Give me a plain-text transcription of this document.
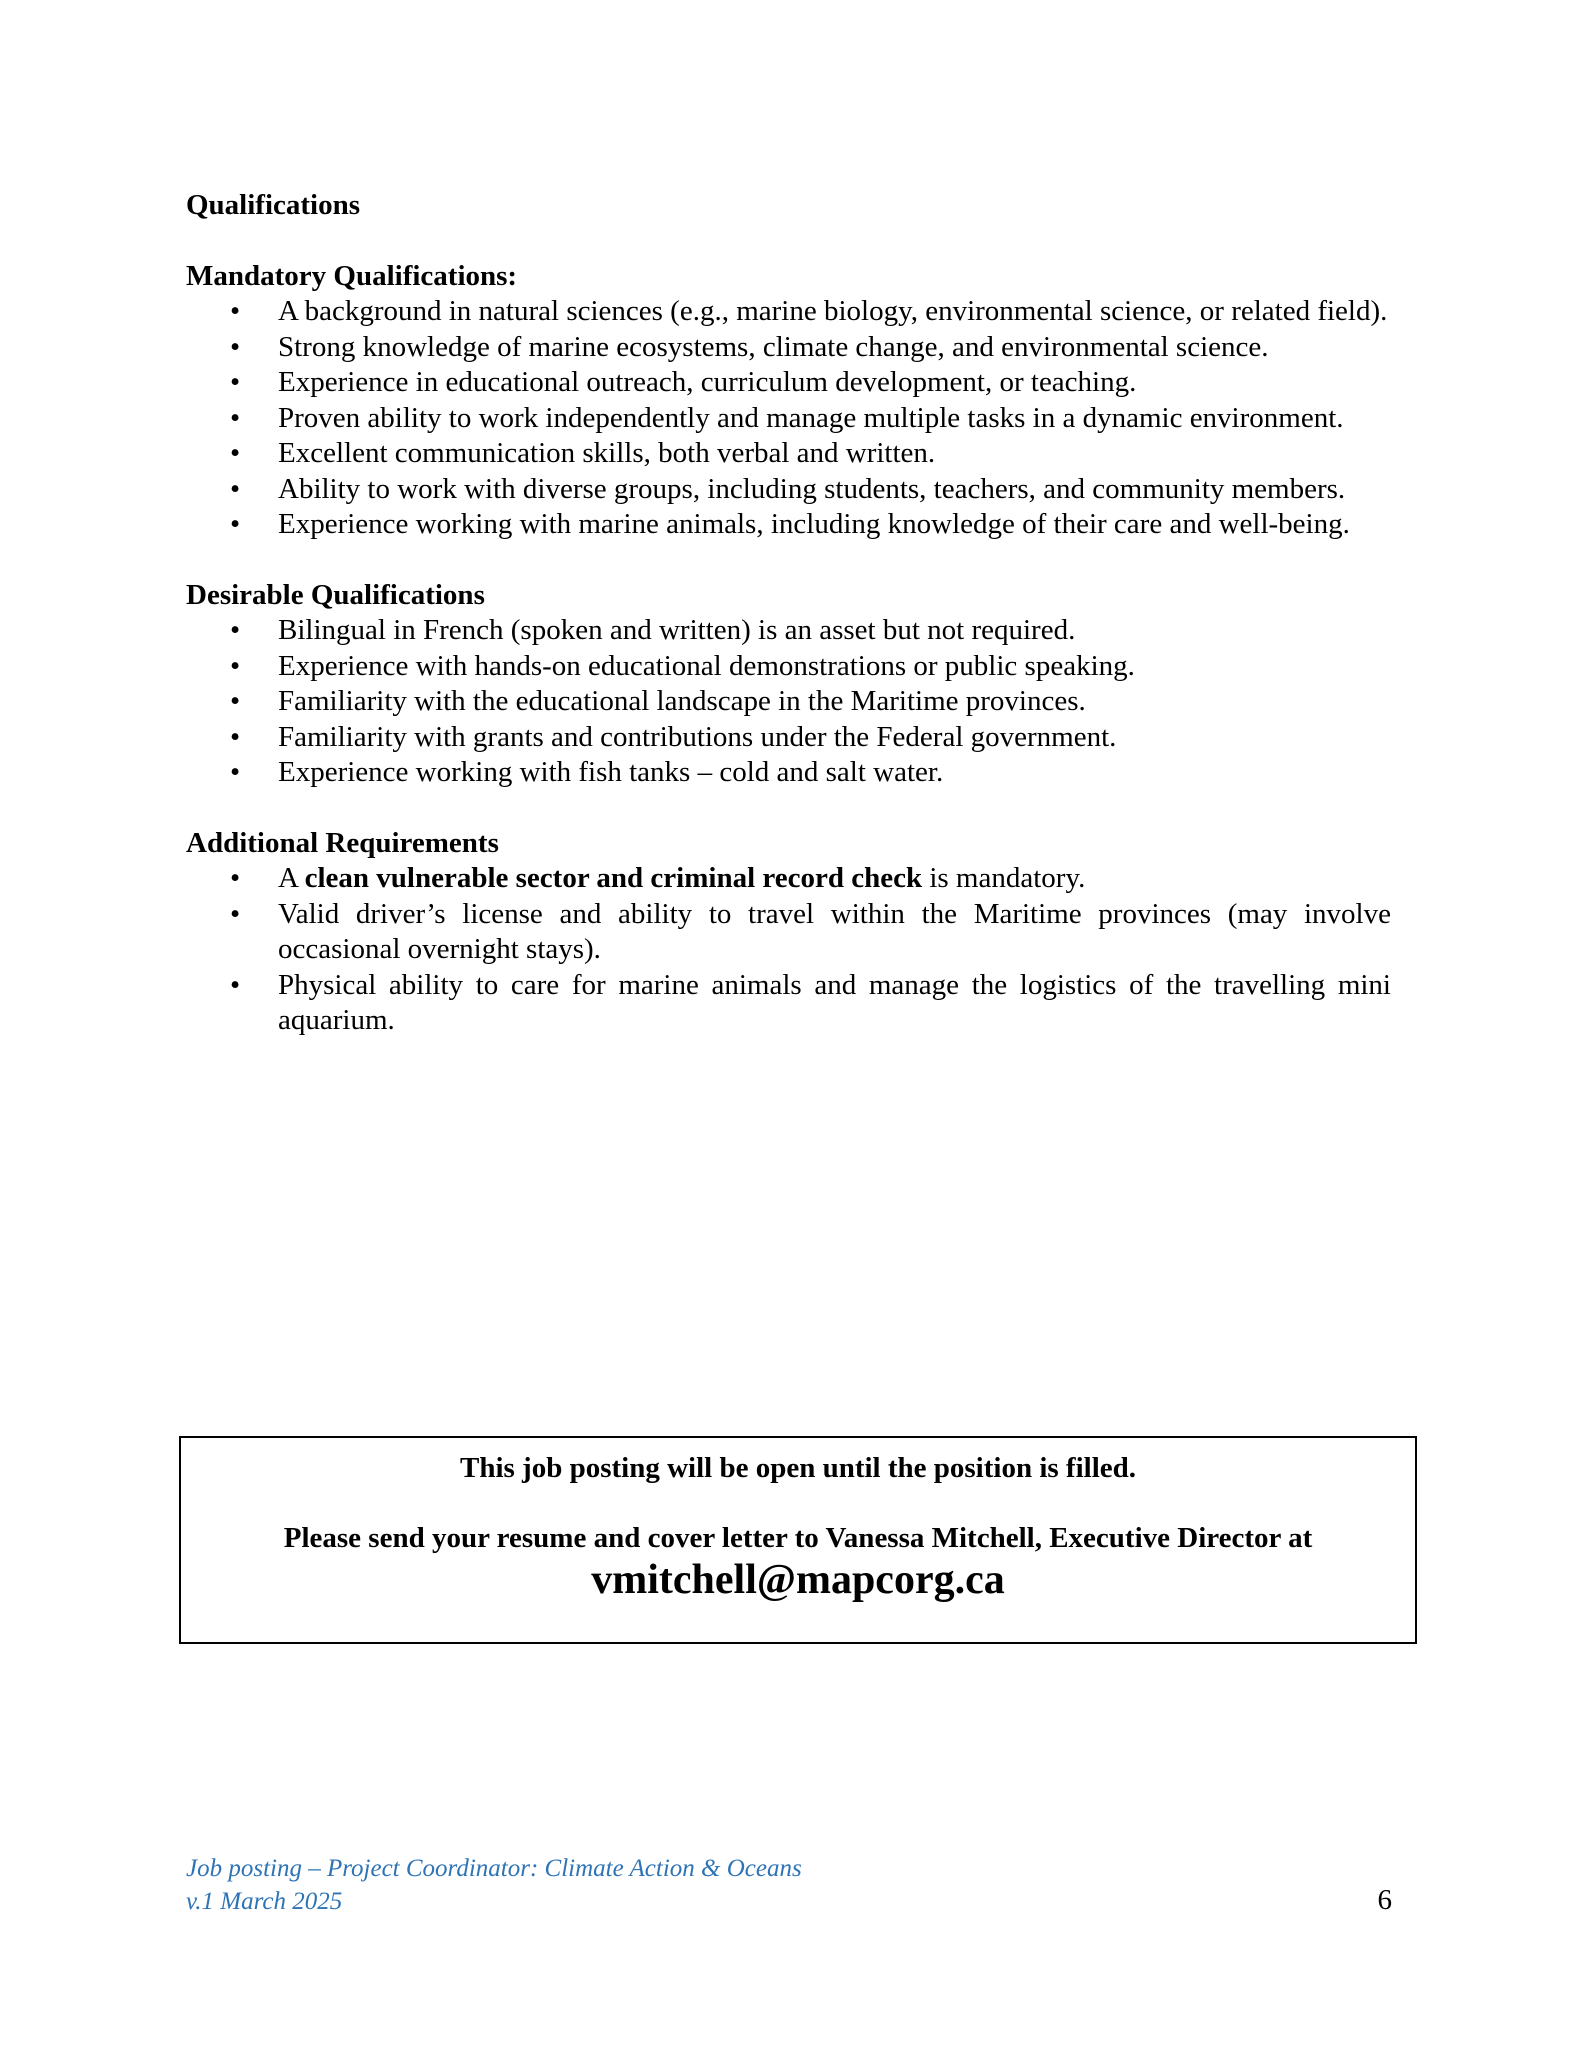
Qualifications

Mandatory Qualifications:

• A background in natural sciences (e.g., marine biology, environmental science, or related field).
• Strong knowledge of marine ecosystems, climate change, and environmental science.
• Experience in educational outreach, curriculum development, or teaching.
• Proven ability to work independently and manage multiple tasks in a dynamic environment.
• Excellent communication skills, both verbal and written.
• Ability to work with diverse groups, including students, teachers, and community members.
• Experience working with marine animals, including knowledge of their care and well-being.

Desirable Qualifications

• Bilingual in French (spoken and written) is an asset but not required.
• Experience with hands-on educational demonstrations or public speaking.
• Familiarity with the educational landscape in the Maritime provinces.
• Familiarity with grants and contributions under the Federal government.
• Experience working with fish tanks – cold and salt water.

Additional Requirements

• A clean vulnerable sector and criminal record check is mandatory.
• Valid driver’s license and ability to travel within the Maritime provinces (may involve occasional overnight stays).
• Physical ability to care for marine animals and manage the logistics of the travelling mini aquarium.
This job posting will be open until the position is filled.
Please send your resume and cover letter to Vanessa Mitchell, Executive Director at
vmitchell@mapcorg.ca
Job posting – Project Coordinator: Climate Action & Oceans
v.1 March 2025	6
